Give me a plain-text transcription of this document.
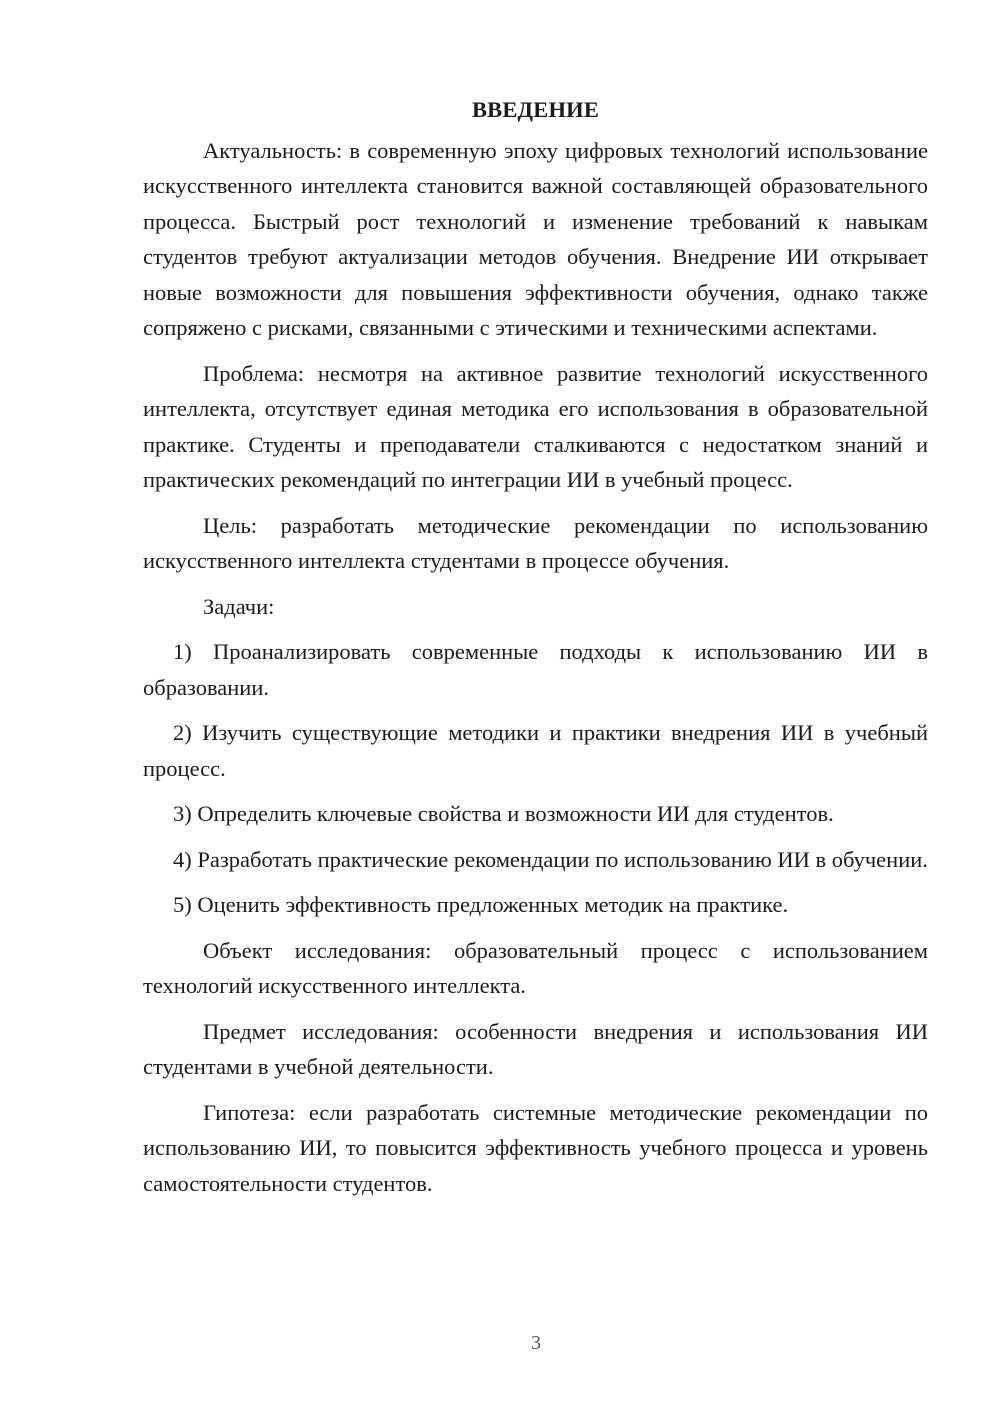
ВВЕДЕНИЕ

Актуальность: в современную эпоху цифровых технологий использование искусственного интеллекта становится важной составляющей образовательного процесса. Быстрый рост технологий и изменение требований к навыкам студентов требуют актуализации методов обучения. Внедрение ИИ открывает новые возможности для повышения эффективности обучения, однако также сопряжено с рисками, связанными с этическими и техническими аспектами.

Проблема: несмотря на активное развитие технологий искусственного интеллекта, отсутствует единая методика его использования в образовательной практике. Студенты и преподаватели сталкиваются с недостатком знаний и практических рекомендаций по интеграции ИИ в учебный процесс.

Цель: разработать методические рекомендации по использованию искусственного интеллекта студентами в процессе обучения.

Задачи:

1) Проанализировать современные подходы к использованию ИИ в образовании.

2) Изучить существующие методики и практики внедрения ИИ в учебный процесс.

3) Определить ключевые свойства и возможности ИИ для студентов.

4) Разработать практические рекомендации по использованию ИИ в обучении.

5) Оценить эффективность предложенных методик на практике.

Объект исследования: образовательный процесс с использованием технологий искусственного интеллекта.

Предмет исследования: особенности внедрения и использования ИИ студентами в учебной деятельности.

Гипотеза: если разработать системные методические рекомендации по использованию ИИ, то повысится эффективность учебного процесса и уровень самостоятельности студентов.

3
